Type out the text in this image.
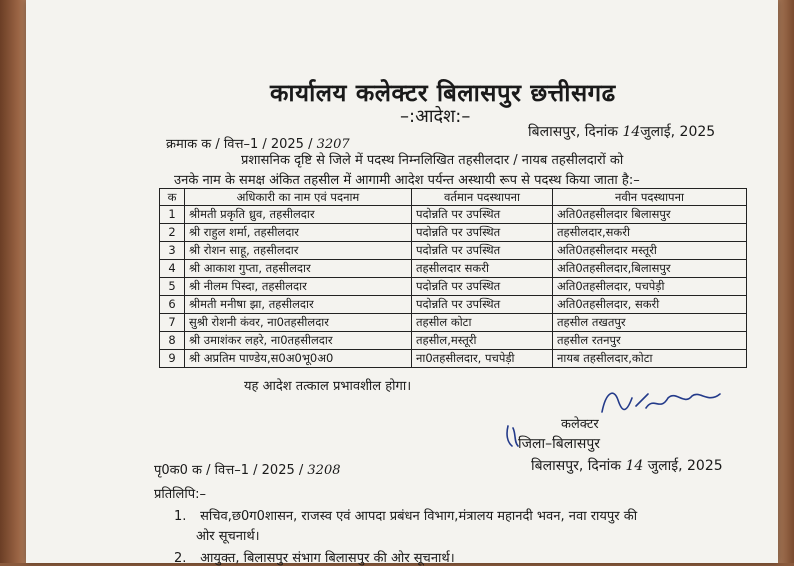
कार्यालय कलेक्टर बिलासपुर छत्तीसगढ
–:आदेश:–
क्रमाक क / वित्त–1 / 2025 / 3207
बिलासपुर, दिनांक 14जुलाई, 2025
प्रशासनिक दृष्टि से जिले में पदस्थ निम्नलिखित तहसीलदार / नायब तहसीलदारों को
उनके नाम के समक्ष अंकित तहसील में आगामी आदेश पर्यन्त अस्थायी रूप से पदस्थ किया जाता है:–
क	अधिकारी का नाम एवं पदनाम	वर्तमान पदस्थापना	नवीन पदस्थापना
1	श्रीमती प्रकृति ध्रुव, तहसीलदार	पदोन्नति पर उपस्थित	अति0तहसीलदार बिलासपुर
2	श्री राहुल शर्मा, तहसीलदार	पदोन्नति पर उपस्थित	तहसीलदार,सकरी
3	श्री रोशन साहू, तहसीलदार	पदोन्नति पर उपस्थित	अति0तहसीलदार मस्तूरी
4	श्री आकाश गुप्ता, तहसीलदार	तहसीलदार सकरी	अति0तहसीलदार,बिलासपुर
5	श्री नीलम पिस्दा, तहसीलदार	पदोन्नति पर उपस्थित	अति0तहसीलदार, पचपेड़ी
6	श्रीमती मनीषा झा, तहसीलदार	पदोन्नति पर उपस्थित	अति0तहसीलदार, सकरी
7	सुश्री रोशनी कंवर, ना0तहसीलदार	तहसील कोटा	तहसील तखतपुर
8	श्री उमाशंकर लहरे, ना0तहसीलदार	तहसील,मस्तूरी	तहसील रतनपुर
9	श्री अप्रतिम पाण्डेय,स0अ0भू0अ0	ना0तहसीलदार, पचपेड़ी	नायब तहसीलदार,कोटा
यह आदेश तत्काल प्रभावशील होगा।
कलेक्टर
जिला–बिलासपुर
पृ0क0 क / वित्त–1 / 2025 / 3208	बिलासपुर, दिनांक 14 जुलाई, 2025
प्रतिलिपि:–
1. सचिव,छ0ग0शासन, राजस्व एवं आपदा प्रबंधन विभाग,मंत्रालय महानदी भवन, नवा रायपुर की
ओर सूचनार्थ।
2. आयुक्त, बिलासपुर संभाग बिलासपुर की ओर सूचनार्थ।
